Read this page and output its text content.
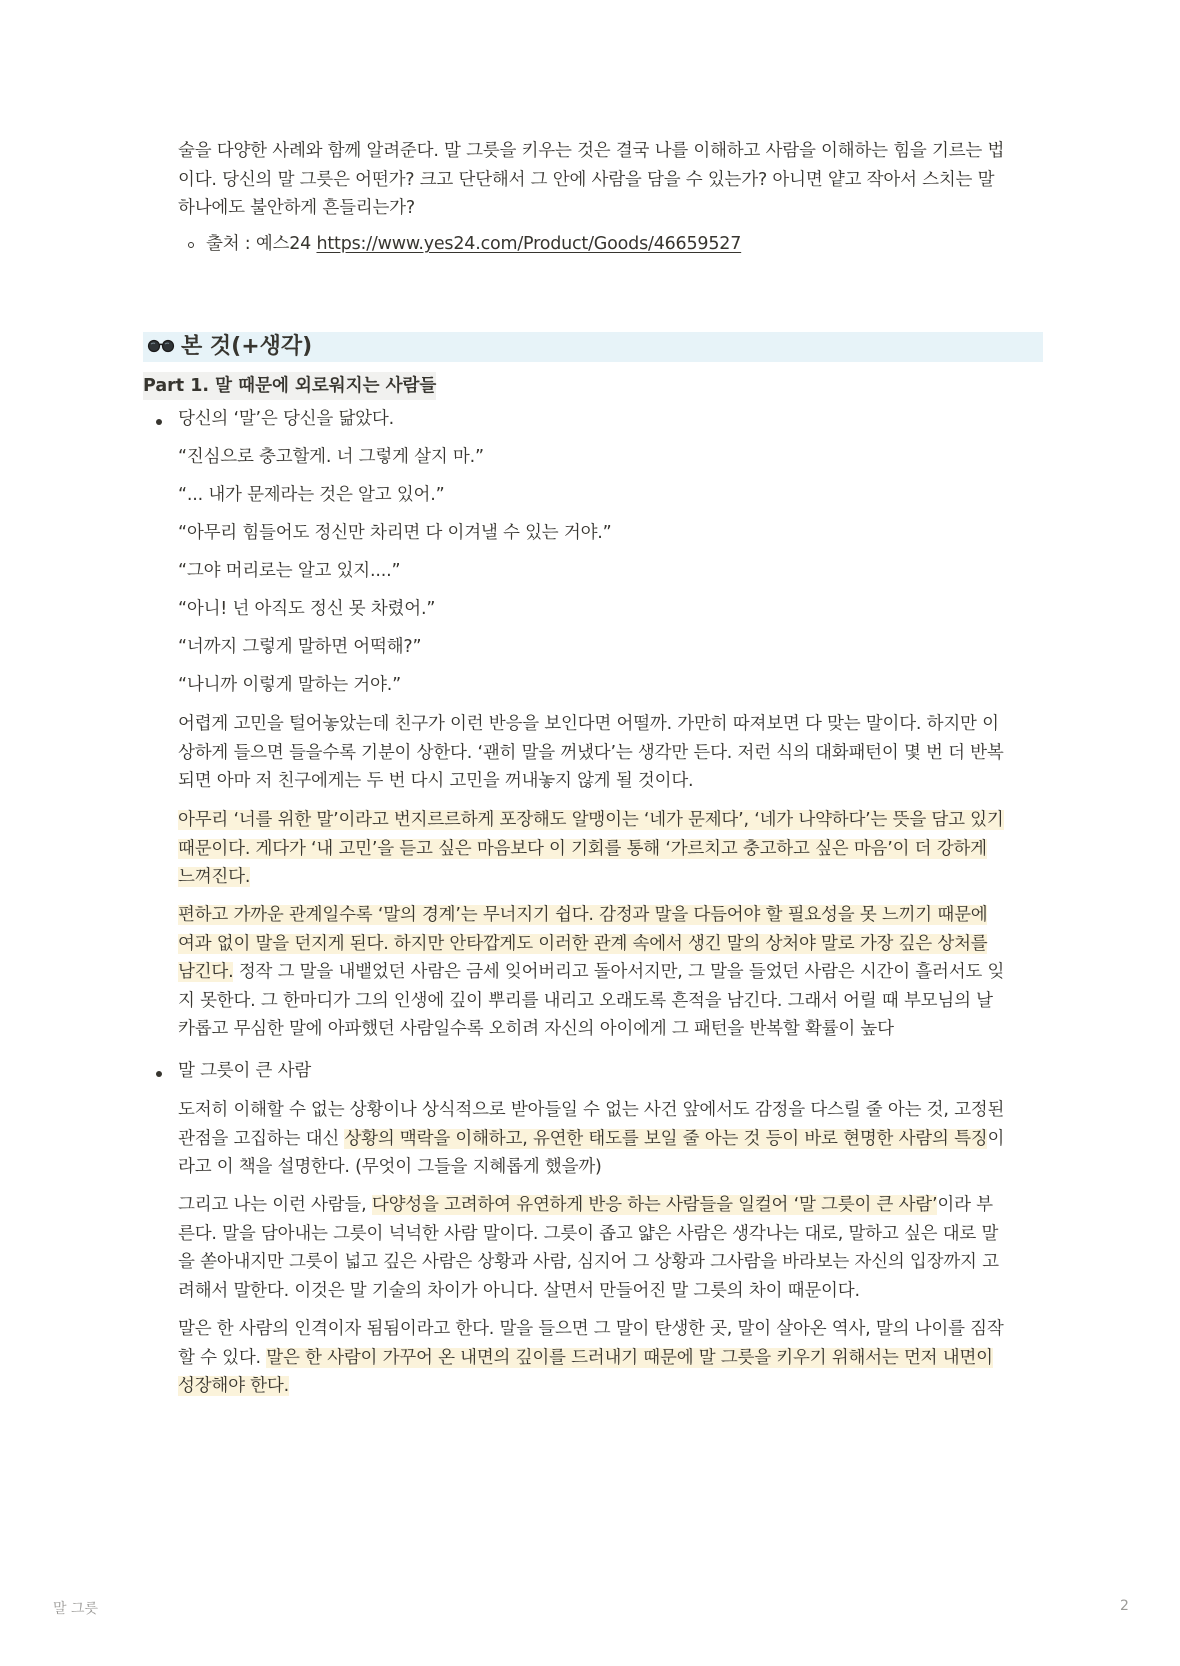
술을 다양한 사례와 함께 알려준다. 말 그릇을 키우는 것은 결국 나를 이해하고 사람을 이해하는 힘을 기르는 법
이다. 당신의 말 그릇은 어떤가? 크고 단단해서 그 안에 사람을 담을 수 있는가? 아니면 얕고 작아서 스치는 말
하나에도 불안하게 흔들리는가?

출처 : 예스24 https://www.yes24.com/Product/Goods/46659527

본 것(+생각)
Part 1. 말 때문에 외로워지는 사람들

당신의 ‘말’은 당신을 닮았다.

“진심으로 충고할게. 너 그렇게 살지 마.”

“... 내가 문제라는 것은 알고 있어.”

“아무리 힘들어도 정신만 차리면 다 이겨낼 수 있는 거야.”

“그야 머리로는 알고 있지....”

“아니! 넌 아직도 정신 못 차렸어.”

“너까지 그렇게 말하면 어떡해?”

“나니까 이렇게 말하는 거야.”

어렵게 고민을 털어놓았는데 친구가 이런 반응을 보인다면 어떨까. 가만히 따져보면 다 맞는 말이다. 하지만 이
상하게 들으면 들을수록 기분이 상한다. ‘괜히 말을 꺼냈다’는 생각만 든다. 저런 식의 대화패턴이 몇 번 더 반복
되면 아마 저 친구에게는 두 번 다시 고민을 꺼내놓지 않게 될 것이다.

아무리 ‘너를 위한 말’이라고 번지르르하게 포장해도 알맹이는 ‘네가 문제다’, ‘네가 나약하다’는 뜻을 담고 있기
때문이다. 게다가 ‘내 고민’을 듣고 싶은 마음보다 이 기회를 통해 ‘가르치고 충고하고 싶은 마음’이 더 강하게
느껴진다.

편하고 가까운 관계일수록 ‘말의 경계’는 무너지기 쉽다. 감정과 말을 다듬어야 할 필요성을 못 느끼기 때문에
여과 없이 말을 던지게 된다. 하지만 안타깝게도 이러한 관계 속에서 생긴 말의 상처야 말로 가장 깊은 상처를
남긴다. 정작 그 말을 내뱉었던 사람은 금세 잊어버리고 돌아서지만, 그 말을 들었던 사람은 시간이 흘러서도 잊
지 못한다. 그 한마디가 그의 인생에 깊이 뿌리를 내리고 오래도록 흔적을 남긴다. 그래서 어릴 때 부모님의 날
카롭고 무심한 말에 아파했던 사람일수록 오히려 자신의 아이에게 그 패턴을 반복할 확률이 높다

말 그릇이 큰 사람

도저히 이해할 수 없는 상황이나 상식적으로 받아들일 수 없는 사건 앞에서도 감정을 다스릴 줄 아는 것, 고정된
관점을 고집하는 대신 상황의 맥락을 이해하고, 유연한 태도를 보일 줄 아는 것 등이 바로 현명한 사람의 특징이
라고 이 책을 설명한다. (무엇이 그들을 지혜롭게 했을까)

그리고 나는 이런 사람들, 다양성을 고려하여 유연하게 반응 하는 사람들을 일컬어 ‘말 그릇이 큰 사람’이라 부
른다. 말을 담아내는 그릇이 넉넉한 사람 말이다. 그릇이 좁고 얇은 사람은 생각나는 대로, 말하고 싶은 대로 말
을 쏟아내지만 그릇이 넓고 깊은 사람은 상황과 사람, 심지어 그 상황과 그사람을 바라보는 자신의 입장까지 고
려해서 말한다. 이것은 말 기술의 차이가 아니다. 살면서 만들어진 말 그릇의 차이 때문이다.

말은 한 사람의 인격이자 됨됨이라고 한다. 말을 들으면 그 말이 탄생한 곳, 말이 살아온 역사, 말의 나이를 짐작
할 수 있다. 말은 한 사람이 가꾸어 온 내면의 깊이를 드러내기 때문에 말 그릇을 키우기 위해서는 먼저 내면이
성장해야 한다.

말 그릇	2
